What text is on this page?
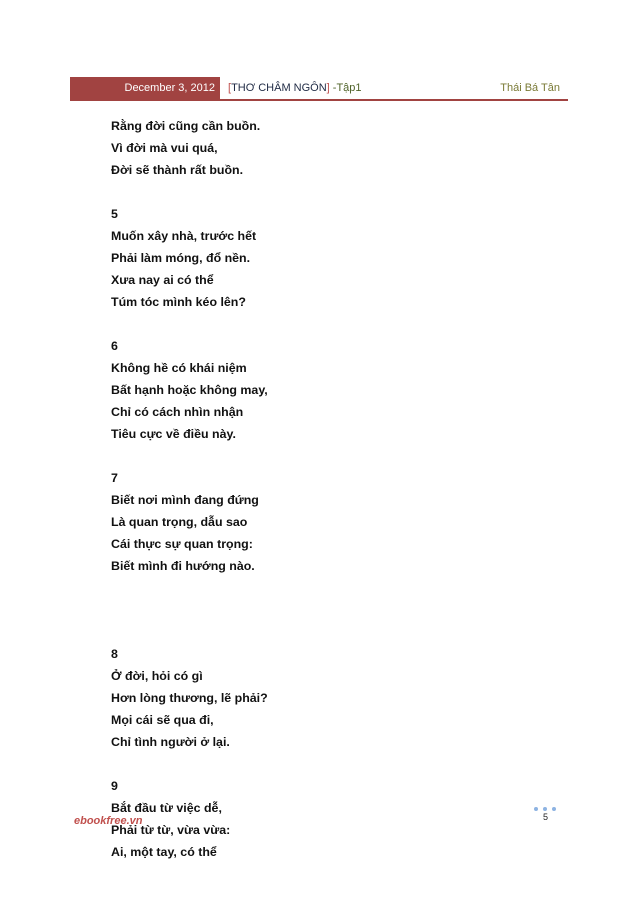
December 3, 2012	[THƠ CHÂM NGÔN] -Tập1	Thái Bá Tân
Rằng đời cũng cần buồn.
Vì đời mà vui quá,
Đời sẽ thành rất buồn.
5
Muốn xây nhà, trước hết
Phải làm móng, đổ nền.
Xưa nay ai có thể
Túm tóc mình kéo lên?
6
Không hề có khái niệm
Bất hạnh hoặc không may,
Chỉ có cách nhìn nhận
Tiêu cực về điều này.
7
Biết nơi mình đang đứng
Là quan trọng, dẫu sao
Cái thực sự quan trọng:
Biết mình đi hướng nào.
8
Ở đời, hỏi có gì
Hơn lòng thương, lẽ phải?
Mọi cái sẽ qua đi,
Chỉ tình người ở lại.
9
Bắt đầu từ việc dễ,
Phải từ từ, vừa vừa:
Ai, một tay, có thể
5
ebookfree.vn
